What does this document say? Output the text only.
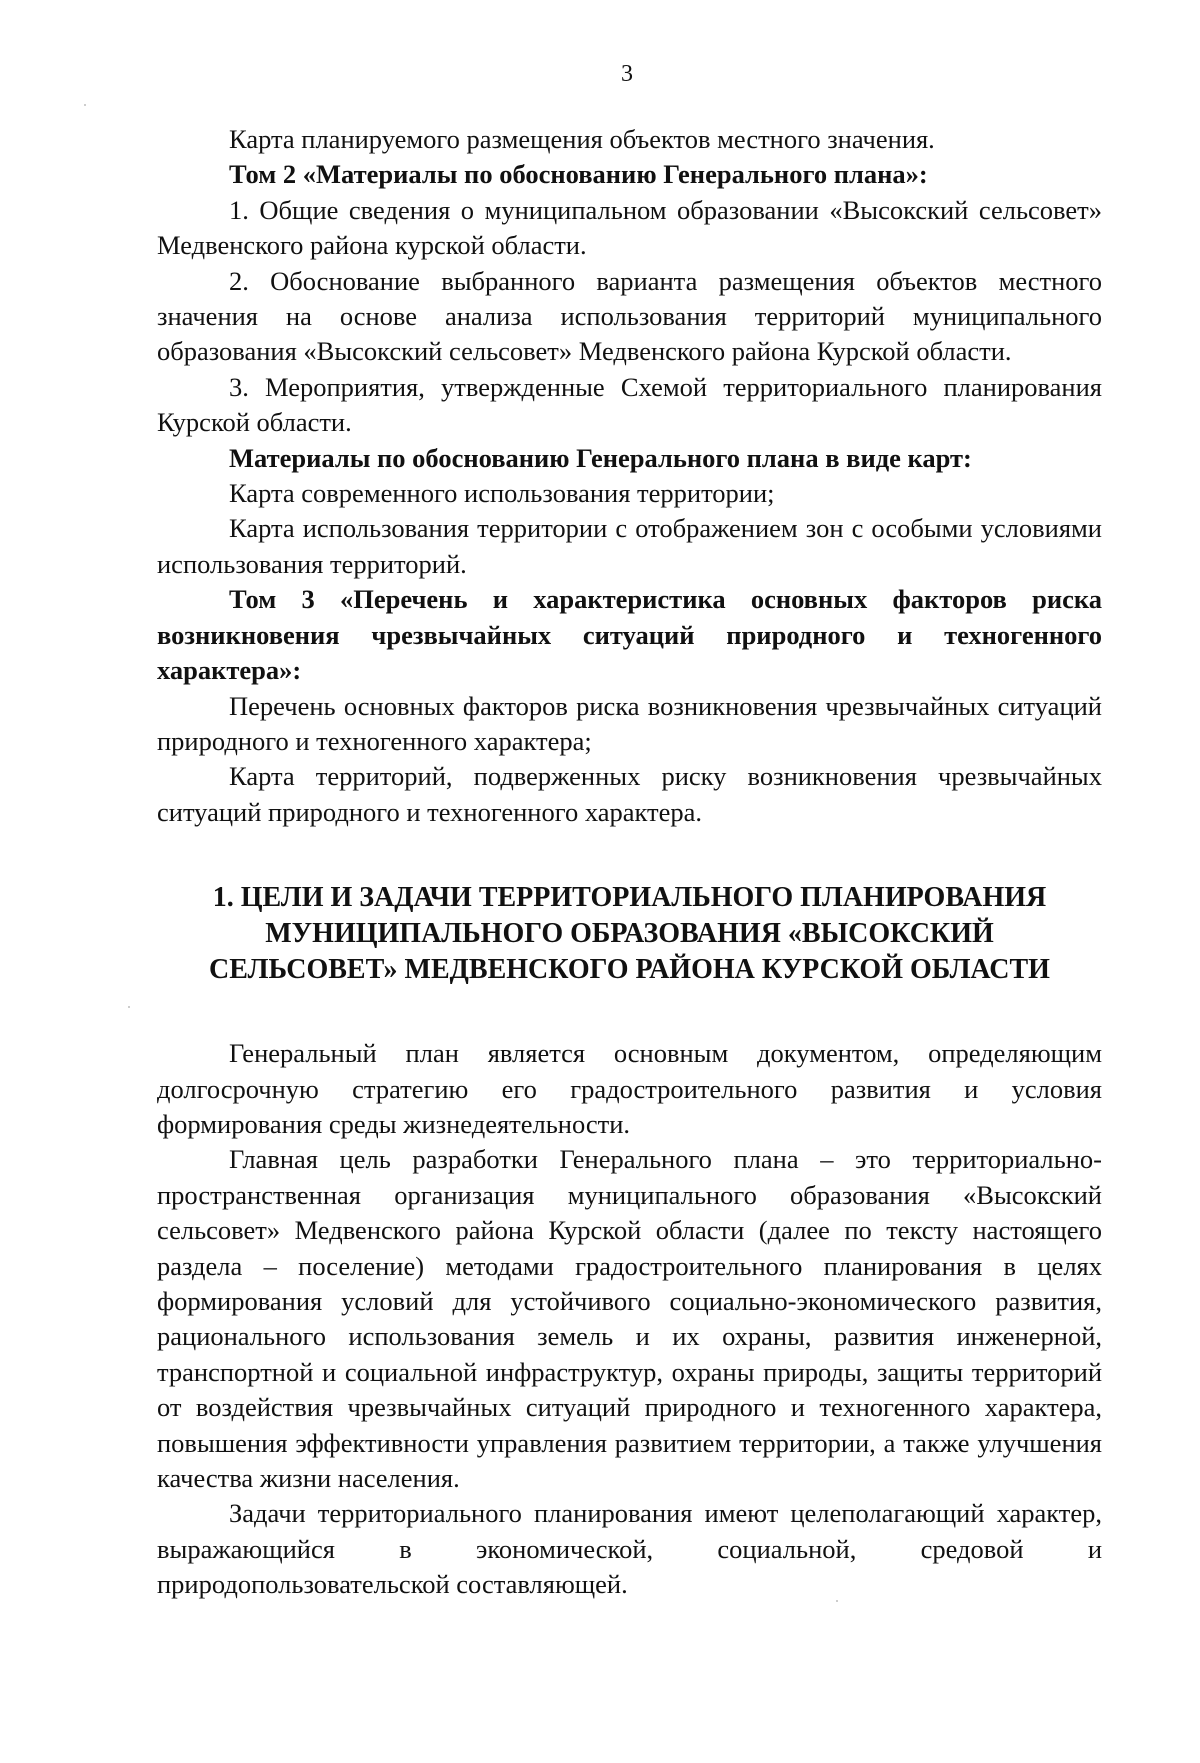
3

Карта планируемого размещения объектов местного значения.

Том 2 «Материалы по обоснованию Генерального плана»:

1. Общие сведения о муниципальном образовании «Высокский сельсовет» Медвенского района курской области.

2. Обоснование выбранного варианта размещения объектов местного значения на основе анализа использования территорий муниципального образования «Высокский сельсовет» Медвенского района Курской области.

3. Мероприятия, утвержденные Схемой территориального планирования Курской области.

Материалы по обоснованию Генерального плана в виде карт:

Карта современного использования территории;

Карта использования территории с отображением зон с особыми условиями использования территорий.

Том 3 «Перечень и характеристика основных факторов риска возникновения чрезвычайных ситуаций природного и техногенного характера»:

Перечень основных факторов риска возникновения чрезвычайных ситуаций природного и техногенного характера;

Карта территорий, подверженных риску возникновения чрезвычайных ситуаций природного и техногенного характера.

1. ЦЕЛИ И ЗАДАЧИ ТЕРРИТОРИАЛЬНОГО ПЛАНИРОВАНИЯ
МУНИЦИПАЛЬНОГО ОБРАЗОВАНИЯ «ВЫСОКСКИЙ
СЕЛЬСОВЕТ» МЕДВЕНСКОГО РАЙОНА КУРСКОЙ ОБЛАСТИ

Генеральный план является основным документом, определяющим долгосрочную стратегию его градостроительного развития и условия формирования среды жизнедеятельности.

Главная цель разработки Генерального плана – это территориально-пространственная организация муниципального образования «Высокский сельсовет» Медвенского района Курской области (далее по тексту настоящего раздела – поселение) методами градостроительного планирования в целях формирования условий для устойчивого социально-экономического развития, рационального использования земель и их охраны, развития инженерной, транспортной и социальной инфраструктур, охраны природы, защиты территорий от воздействия чрезвычайных ситуаций природного и техногенного характера, повышения эффективности управления развитием территории, а также улучшения качества жизни населения.

Задачи территориального планирования имеют целеполагающий характер, выражающийся в экономической, социальной, средовой и природопользовательской составляющей.
